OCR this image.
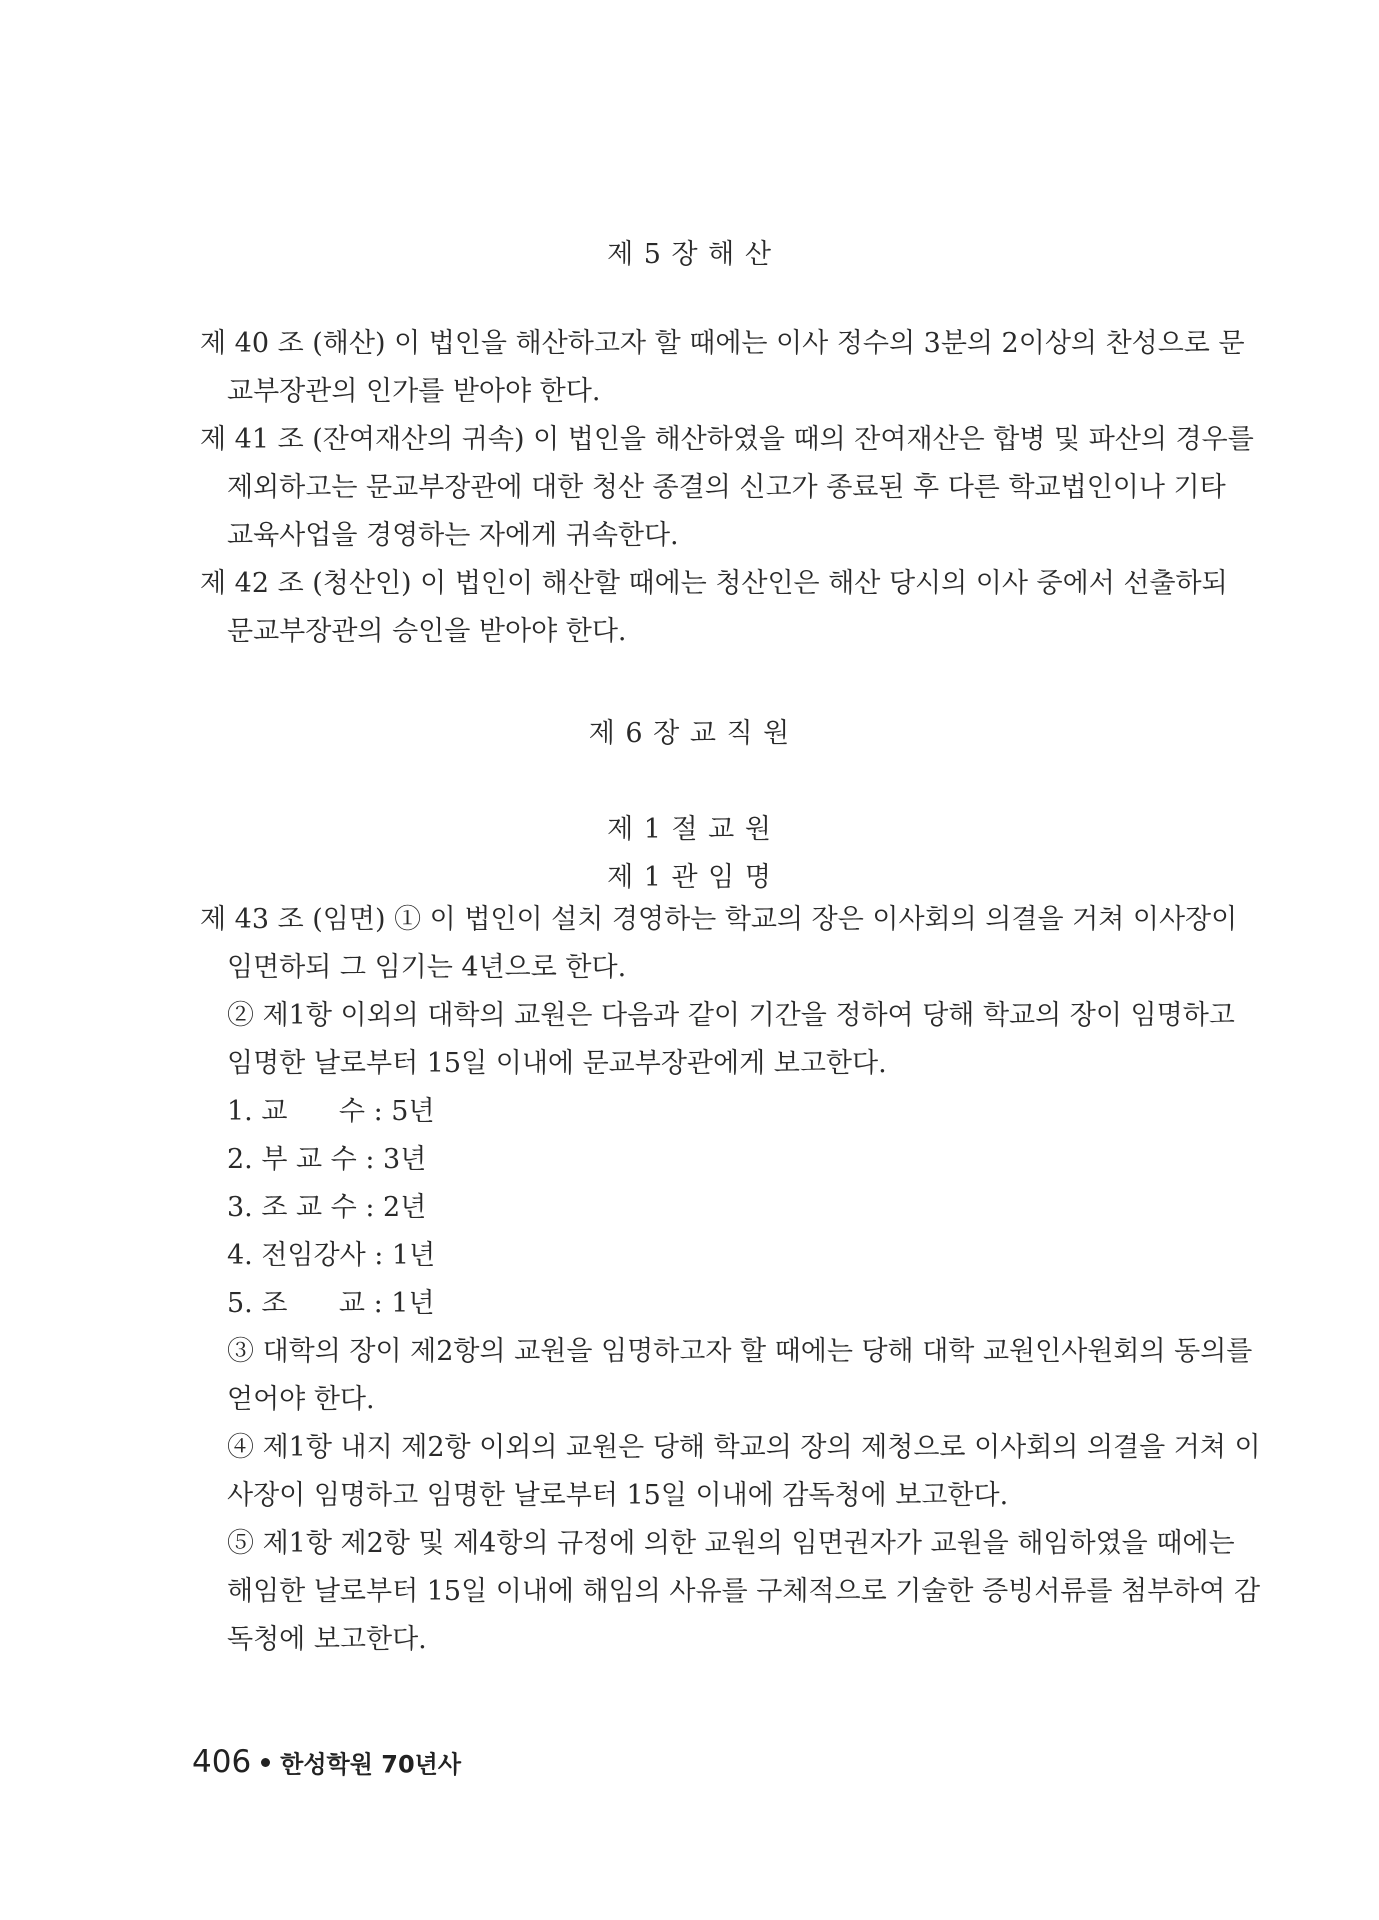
제 5 장 해 산
제 40 조 (해산) 이 법인을 해산하고자 할 때에는 이사 정수의 3분의 2이상의 찬성으로 문
교부장관의 인가를 받아야 한다.
제 41 조 (잔여재산의 귀속) 이 법인을 해산하였을 때의 잔여재산은 합병 및 파산의 경우를
제외하고는 문교부장관에 대한 청산 종결의 신고가 종료된 후 다른 학교법인이나 기타
교육사업을 경영하는 자에게 귀속한다.
제 42 조 (청산인) 이 법인이 해산할 때에는 청산인은 해산 당시의 이사 중에서 선출하되
문교부장관의 승인을 받아야 한다.
제 6 장 교 직 원
제 1 절 교 원
제 1 관 임 명
제 43 조 (임면) ① 이 법인이 설치 경영하는 학교의 장은 이사회의 의결을 거쳐 이사장이
임면하되 그 임기는 4년으로 한다.
② 제1항 이외의 대학의 교원은 다음과 같이 기간을 정하여 당해 학교의 장이 임명하고
임명한 날로부터 15일 이내에 문교부장관에게 보고한다.
1. 교      수 : 5년
2. 부 교 수 : 3년
3. 조 교 수 : 2년
4. 전임강사 : 1년
5. 조      교 : 1년
③ 대학의 장이 제2항의 교원을 임명하고자 할 때에는 당해 대학 교원인사원회의 동의를
얻어야 한다.
④ 제1항 내지 제2항 이외의 교원은 당해 학교의 장의 제청으로 이사회의 의결을 거쳐 이
사장이 임명하고 임명한 날로부터 15일 이내에 감독청에 보고한다.
⑤ 제1항 제2항 및 제4항의 규정에 의한 교원의 임면권자가 교원을 해임하였을 때에는
해임한 날로부터 15일 이내에 해임의 사유를 구체적으로 기술한 증빙서류를 첨부하여 감
독청에 보고한다.
406 한성학원 70년사
